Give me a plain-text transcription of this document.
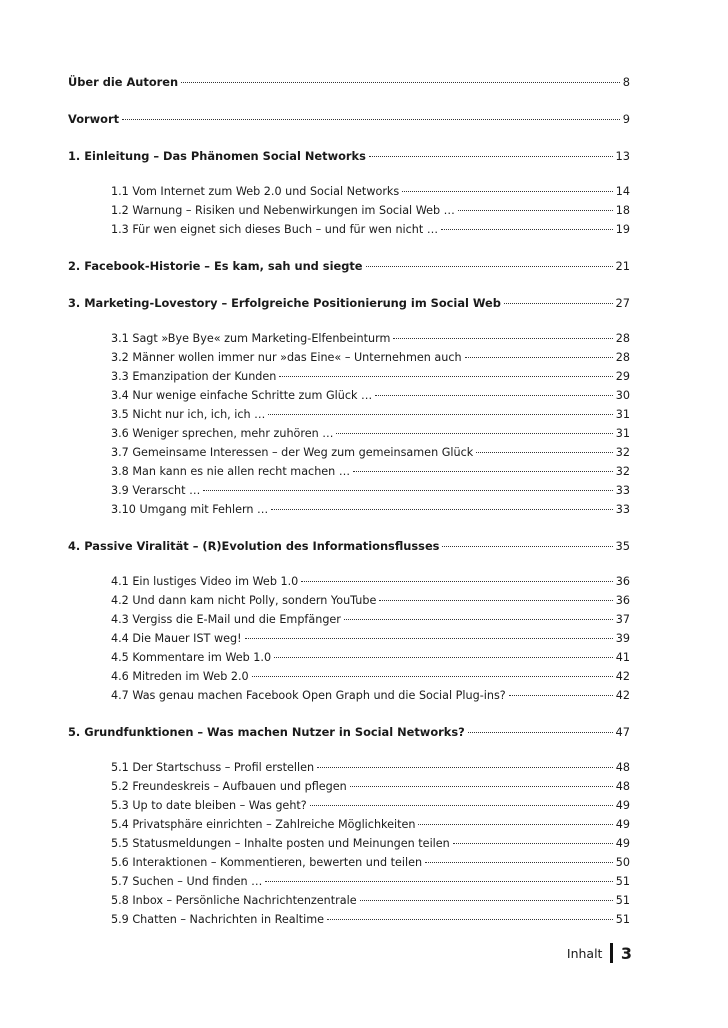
Über die Autoren	8
Vorwort	9
1. Einleitung – Das Phänomen Social Networks	13
1.1 Vom Internet zum Web 2.0 und Social Networks	14
1.2 Warnung – Risiken und Nebenwirkungen im Social Web …	18
1.3 Für wen eignet sich dieses Buch – und für wen nicht …	19
2. Facebook-Historie – Es kam, sah und siegte	21
3. Marketing-Lovestory – Erfolgreiche Positionierung im Social Web	27
3.1 Sagt »Bye Bye« zum Marketing-Elfenbeinturm	28
3.2 Männer wollen immer nur »das Eine« – Unternehmen auch	28
3.3 Emanzipation der Kunden	29
3.4 Nur wenige einfache Schritte zum Glück …	30
3.5 Nicht nur ich, ich, ich …	31
3.6 Weniger sprechen, mehr zuhören …	31
3.7 Gemeinsame Interessen – der Weg zum gemeinsamen Glück	32
3.8 Man kann es nie allen recht machen …	32
3.9 Verarscht …	33
3.10 Umgang mit Fehlern …	33
4. Passive Viralität – (R)Evolution des Informationsflusses	35
4.1 Ein lustiges Video im Web 1.0	36
4.2 Und dann kam nicht Polly, sondern YouTube	36
4.3 Vergiss die E-Mail und die Empfänger	37
4.4 Die Mauer IST weg!	39
4.5 Kommentare im Web 1.0	41
4.6 Mitreden im Web 2.0	42
4.7 Was genau machen Facebook Open Graph und die Social Plug-ins?	42
5. Grundfunktionen – Was machen Nutzer in Social Networks?	47
5.1 Der Startschuss – Profil erstellen	48
5.2 Freundeskreis – Aufbauen und pflegen	48
5.3 Up to date bleiben – Was geht?	49
5.4 Privatsphäre einrichten – Zahlreiche Möglichkeiten	49
5.5 Statusmeldungen – Inhalte posten und Meinungen teilen	49
5.6 Interaktionen – Kommentieren, bewerten und teilen	50
5.7 Suchen – Und finden …	51
5.8 Inbox – Persönliche Nachrichtenzentrale	51
5.9 Chatten – Nachrichten in Realtime	51
Inhalt 3
